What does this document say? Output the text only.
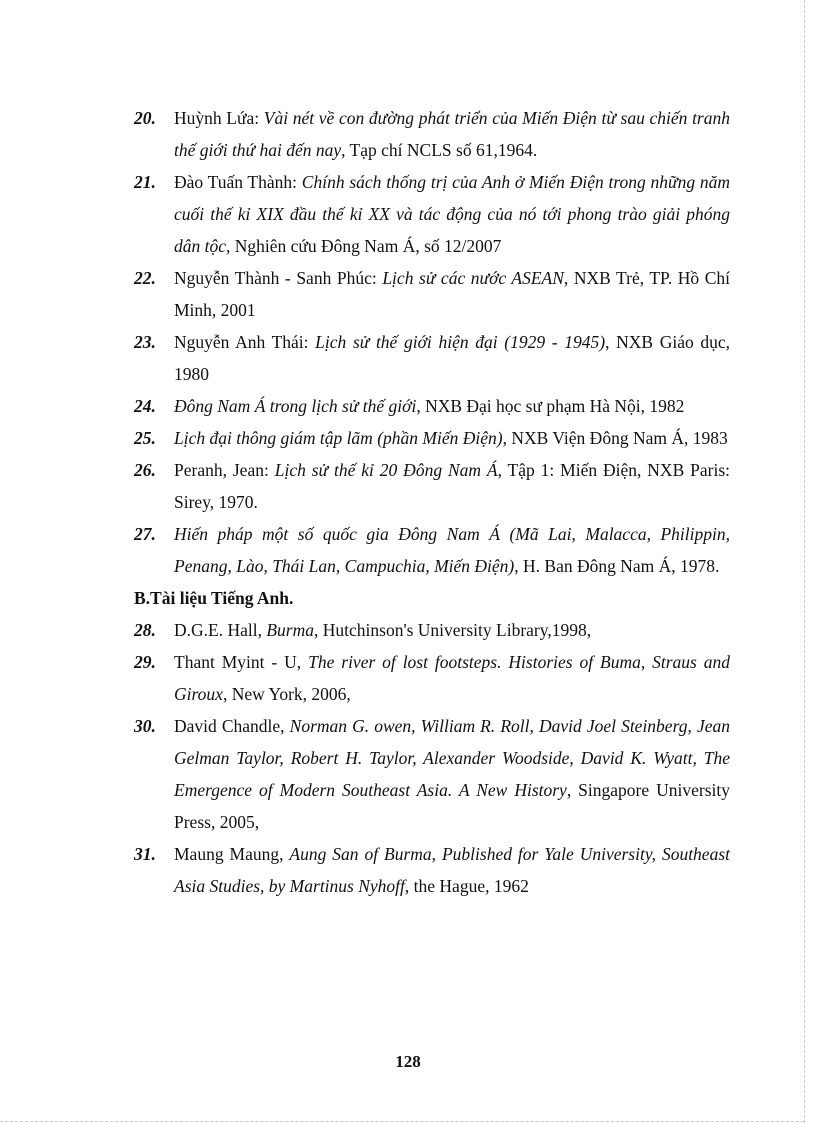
20.	Huỳnh Lứa: Vài nét về con đường phát triển của Miến Điện từ sau chiến tranh thế giới thứ hai đến nay, Tạp chí NCLS số 61,1964.
21.	Đào Tuấn Thành: Chính sách thống trị của Anh ở Miến Điện trong những năm cuối thế kỉ XIX đầu thế kỉ XX và tác động của nó tới phong trào giải phóng dân tộc, Nghiên cứu Đông Nam Á, số 12/2007
22.	Nguyễn Thành - Sanh Phúc: Lịch sử các nước ASEAN, NXB Trẻ, TP. Hồ Chí Minh, 2001
23.	Nguyễn Anh Thái: Lịch sử thế giới hiện đại (1929 - 1945), NXB Giáo dục, 1980
24.	Đông Nam Á trong lịch sử thế giới, NXB Đại học sư phạm Hà Nội, 1982
25.	Lịch đại thông giám tập lãm (phần Miến Điện), NXB Viện Đông Nam Á, 1983
26.	Peranh, Jean: Lịch sử thế kỉ 20 Đông Nam Á, Tập 1: Miến Điện, NXB Paris: Sirey, 1970.
27.	Hiến pháp một số quốc gia Đông Nam Á (Mã Lai, Malacca, Philippin, Penang, Lào, Thái Lan, Campuchia, Miến Điện), H. Ban Đông Nam Á, 1978.
B.Tài liệu Tiếng Anh.
28.	D.G.E. Hall, Burma, Hutchinson's University Library,1998,
29.	Thant Myint - U, The river of lost footsteps. Histories of Buma, Straus and Giroux, New York, 2006,
30.	David Chandle, Norman G. owen, William R. Roll, David Joel Steinberg, Jean Gelman Taylor, Robert H. Taylor, Alexander Woodside, David K. Wyatt, The Emergence of Modern Southeast Asia. A New History, Singapore University Press, 2005,
31.	Maung Maung, Aung San of Burma, Published for Yale University, Southeast Asia Studies, by Martinus Nyhoff, the Hague, 1962
128
